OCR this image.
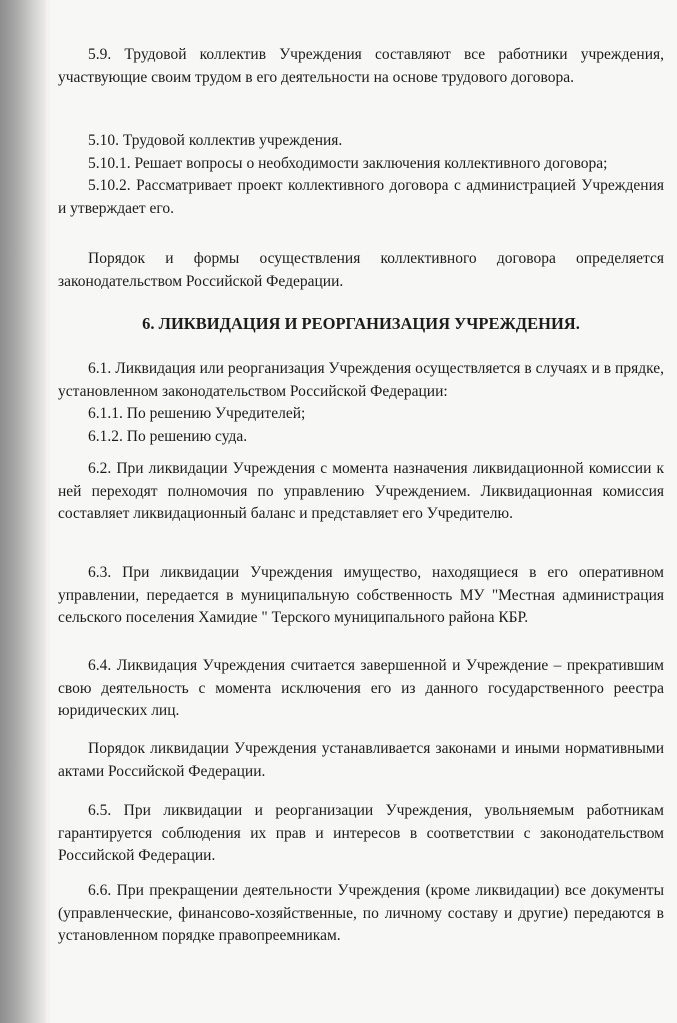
5.9. Трудовой коллектив Учреждения составляют все работники учреждения, участвующие своим трудом в его деятельности на основе трудового договора.

5.10. Трудовой коллектив учреждения.

5.10.1. Решает вопросы о необходимости заключения коллективного договора;

5.10.2. Рассматривает проект коллективного договора с администрацией Учреждения и утверждает его.

Порядок и формы осуществления коллективного договора определяется законодательством Российской Федерации.

6. ЛИКВИДАЦИЯ И РЕОРГАНИЗАЦИЯ УЧРЕЖДЕНИЯ.

6.1. Ликвидация или реорганизация Учреждения осуществляется в случаях и в прядке, установленном законодательством Российской Федерации:

6.1.1. По решению Учредителей;

6.1.2. По решению суда.

6.2. При ликвидации Учреждения с момента назначения ликвидационной комиссии к ней переходят полномочия по управлению Учреждением. Ликвидационная комиссия составляет ликвидационный баланс и представляет его Учредителю.

6.3. При ликвидации Учреждения имущество, находящиеся в его оперативном управлении, передается в муниципальную собственность МУ "Местная администрация сельского поселения Хамидие " Терского муниципального района КБР.

6.4. Ликвидация Учреждения считается завершенной и Учреждение – прекратившим свою деятельность с момента исключения его из данного государственного реестра юридических лиц.

Порядок ликвидации Учреждения устанавливается законами и иными нормативными актами Российской Федерации.

6.5. При ликвидации и реорганизации Учреждения, увольняемым работникам гарантируется соблюдения их прав и интересов в соответствии с законодательством Российской Федерации.

6.6. При прекращении деятельности Учреждения (кроме ликвидации) все документы (управленческие, финансово-хозяйственные, по личному составу и другие) передаются в установленном порядке правопреемникам.
